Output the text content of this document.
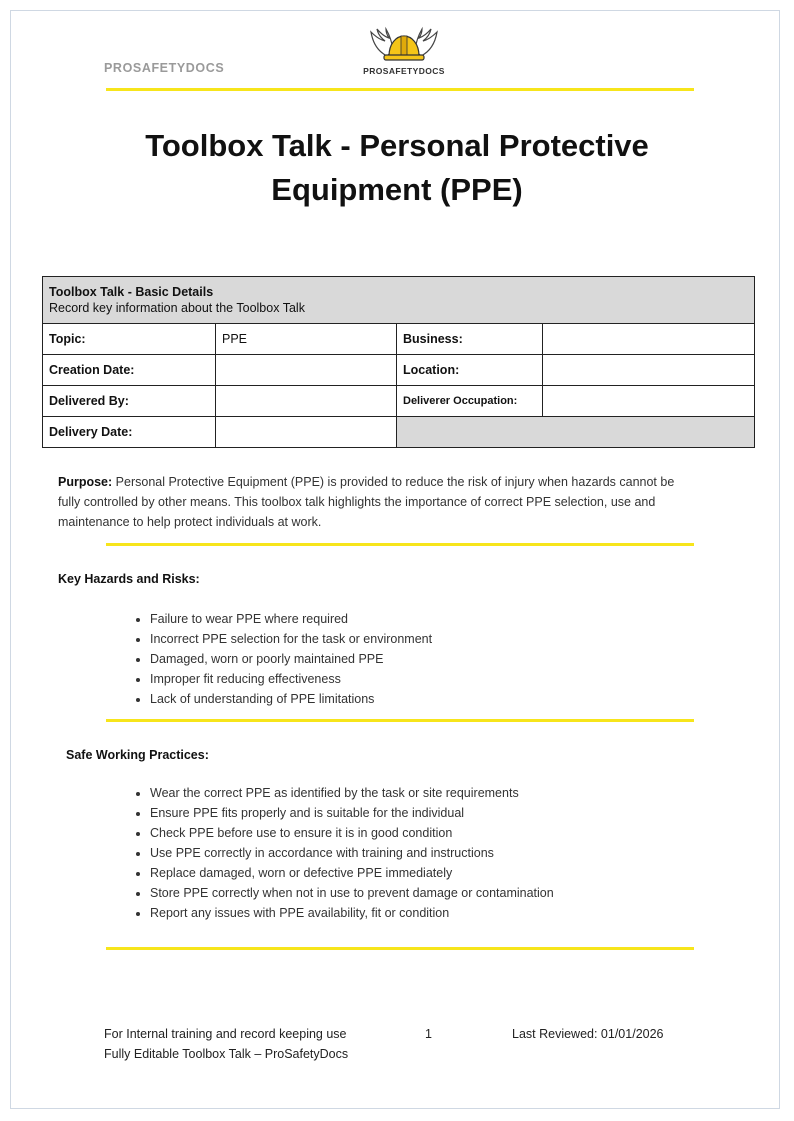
PROSAFETYDOCS	PROSAFETYDOCS
Toolbox Talk - Personal Protective Equipment (PPE)
Toolbox Talk - Basic Details
Record key information about the Toolbox Talk			

Topic:	PPE	Business:	
Creation Date:		Location:	
Delivered By:		Deliverer Occupation:	
Delivery Date:			
Purpose: Personal Protective Equipment (PPE) is provided to reduce the risk of injury when hazards cannot be fully controlled by other means. This toolbox talk highlights the importance of correct PPE selection, use and maintenance to help protect individuals at work.
Key Hazards and Risks:
• Failure to wear PPE where required
• Incorrect PPE selection for the task or environment
• Damaged, worn or poorly maintained PPE
• Improper fit reducing effectiveness
• Lack of understanding of PPE limitations
Safe Working Practices:
• Wear the correct PPE as identified by the task or site requirements
• Ensure PPE fits properly and is suitable for the individual
• Check PPE before use to ensure it is in good condition
• Use PPE correctly in accordance with training and instructions
• Replace damaged, worn or defective PPE immediately
• Store PPE correctly when not in use to prevent damage or contamination
• Report any issues with PPE availability, fit or condition
For Internal training and record keeping use
Fully Editable Toolbox Talk – ProSafetyDocs
1	Last Reviewed: 01/01/2026
